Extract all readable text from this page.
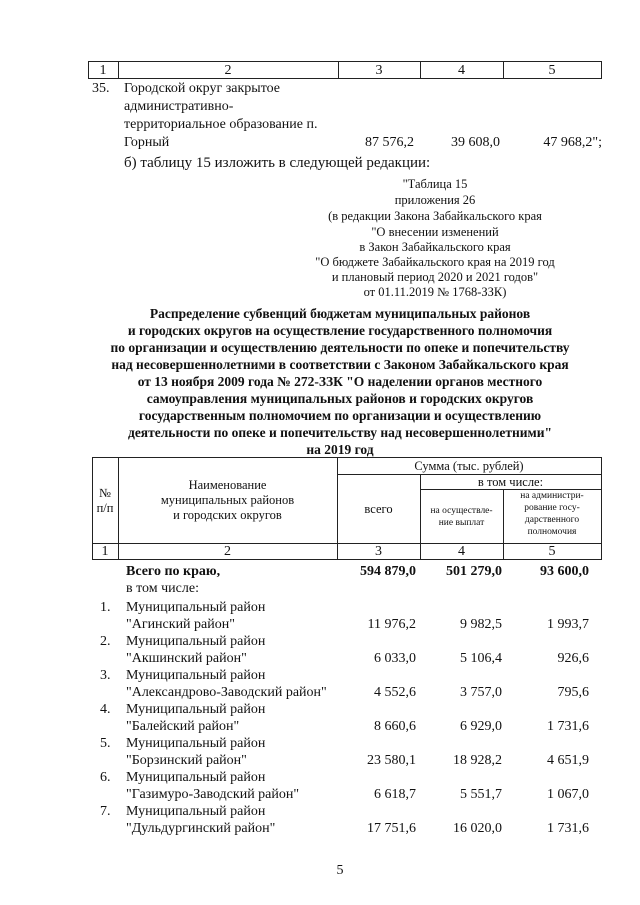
1	2	3	4	5
35. Городской округ закрытое
административно-
территориальное образование п.
Горный	87 576,2	39 608,0	47 968,2";
б) таблицу 15 изложить в следующей редакции:
"Таблица 15
приложения 26
(в редакции Закона Забайкальского края
"О внесении изменений
в Закон Забайкальского края
"О бюджете Забайкальского края на 2019 год
и плановый период 2020 и 2021 годов"
от 01.11.2019 № 1768-ЗЗК)
Распределение субвенций бюджетам муниципальных районов
и городских округов на осуществление государственного полномочия
по организации и осуществлению деятельности по опеке и попечительству
над несовершеннолетними в соответствии с Законом Забайкальского края
от 13 ноября 2009 года № 272-ЗЗК "О наделении органов местного
самоуправления муниципальных районов и городских округов
государственным полномочием по организации и осуществлению
деятельности по опеке и попечительству над несовершеннолетними"
на 2019 год
№
п/п
Наименование
муниципальных районов
и городских округов
Сумма (тыс. рублей)
всего
в том числе:
на осуществле-
ние выплат
на администри-
рование госу-
дарственного
полномочия
1	2	3	4	5
Всего по краю,
в том числе:
594 879,0	501 279,0	93 600,0
1. Муниципальный район
"Агинский район"	11 976,2	9 982,5	1 993,7
2. Муниципальный район
"Акшинский район"	6 033,0	5 106,4	926,6
3. Муниципальный район
"Александрово-Заводский район"	4 552,6	3 757,0	795,6
4. Муниципальный район
"Балейский район"	8 660,6	6 929,0	1 731,6
5. Муниципальный район
"Борзинский район"	23 580,1	18 928,2	4 651,9
6. Муниципальный район
"Газимуро-Заводский район"	6 618,7	5 551,7	1 067,0
7. Муниципальный район
"Дульдургинский район"	17 751,6	16 020,0	1 731,6
5
